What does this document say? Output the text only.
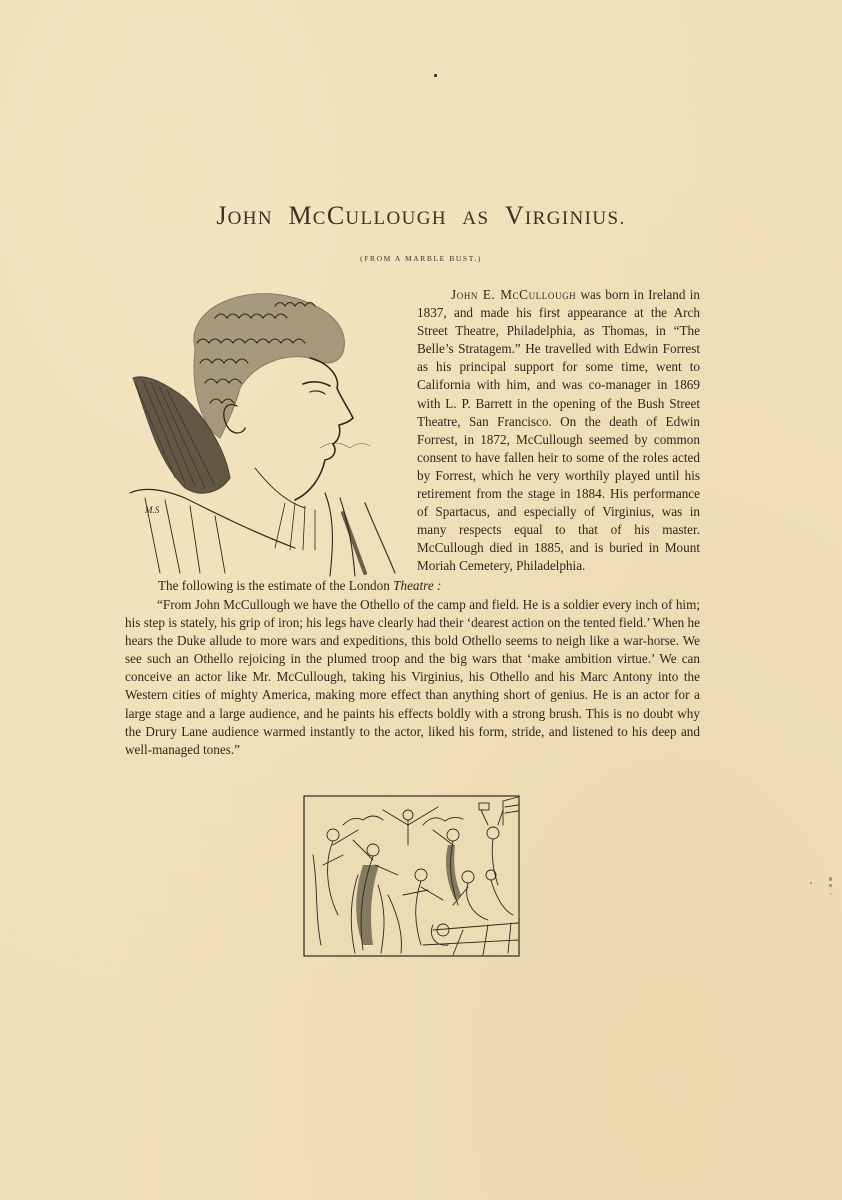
JOHN MCCULLOUGH AS VIRGINIUS.
(FROM A MARBLE BUST.)
M.S

John E. McCullough was born in Ireland in 1837, and made his first appearance at the Arch Street Theatre, Philadelphia, as Thomas, in “The Belle’s Stratagem.” He travelled with Edwin Forrest as his principal support for some time, went to California with him, and was co-manager in 1869 with L. P. Barrett in the opening of the Bush Street Theatre, San Francisco. On the death of Edwin Forrest, in 1872, McCullough seemed by common consent to have fallen heir to some of the roles acted by Forrest, which he very worthily played until his retirement from the stage in 1884. His performance of Spartacus, and especially of Virginius, was in many respects equal to that of his master. McCullough died in 1885, and is buried in Mount Moriah Cemetery, Philadelphia.

The following is the estimate of the London Theatre :

“From John McCullough we have the Othello of the camp and field. He is a soldier every inch of him; his step is stately, his grip of iron; his legs have clearly had their ‘dearest action on the tented field.’ When he hears the Duke allude to more wars and expeditions, this bold Othello seems to neigh like a war-horse. We see such an Othello rejoicing in the plumed troop and the big wars that ‘make ambition virtue.’ We can conceive an actor like Mr. McCullough, taking his Virginius, his Othello and his Marc Antony into the Western cities of mighty America, making more effect than anything short of genius. He is an actor for a large stage and a large audience, and he paints his effects boldly with a strong brush. This is no doubt why the Drury Lane audience warmed instantly to the actor, liked his form, stride, and listened to his deep and well-managed tones.”
